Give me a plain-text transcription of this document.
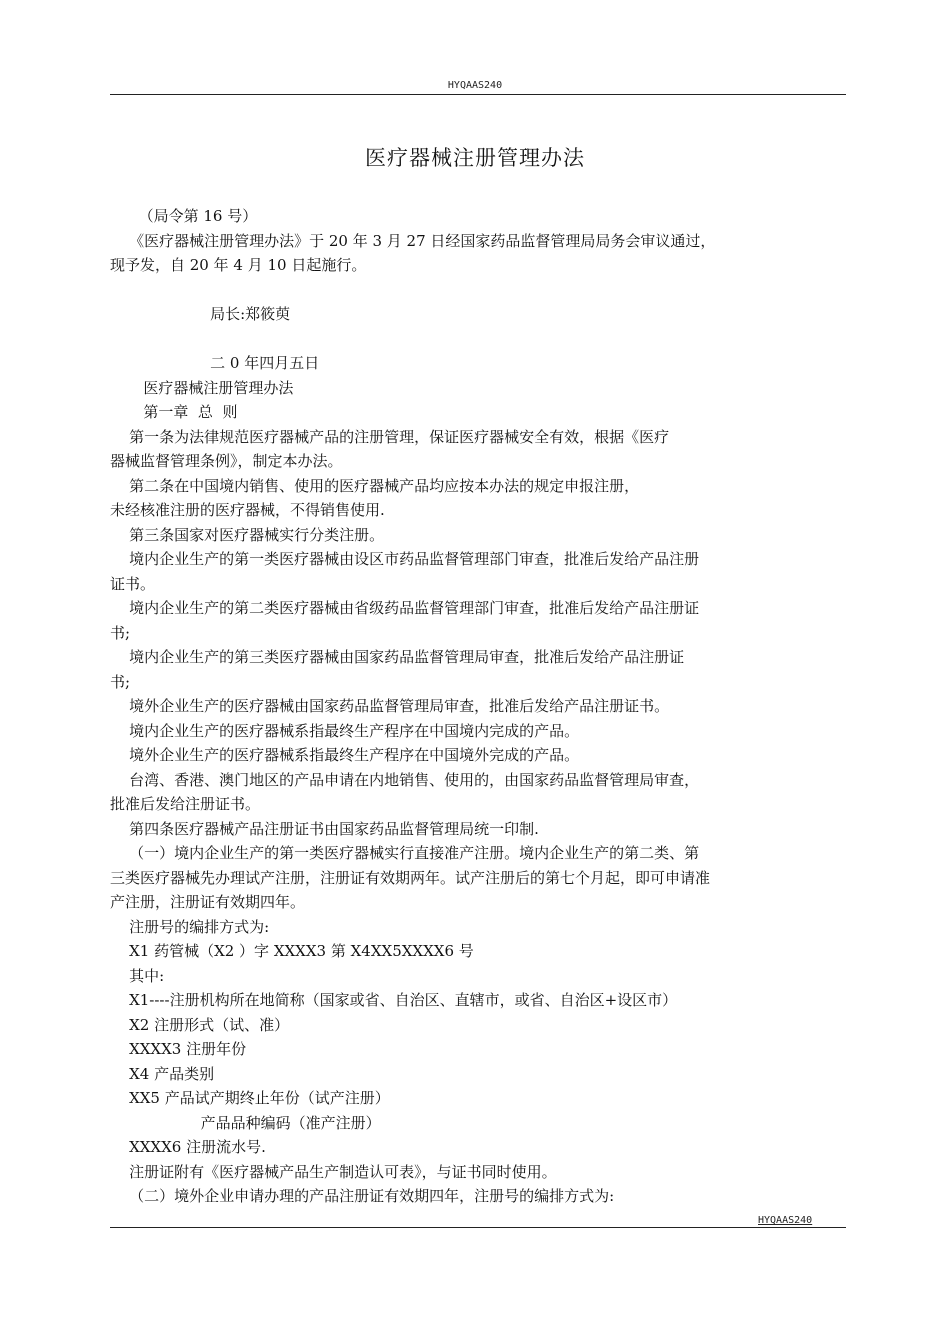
HYQAAS240
医疗器械注册管理办法
（局令第 16 号）
《医疗器械注册管理办法》于 20 年 3 月 27 日经国家药品监督管理局局务会审议通过，
现予发，自 20 年 4 月 10 日起施行。
局长:郑筱萸
二 0 年四月五日
医疗器械注册管理办法
第一章  总  则
第一条为法律规范医疗器械产品的注册管理，保证医疗器械安全有效，根据《医疗
器械监督管理条例》，制定本办法。
第二条在中国境内销售、使用的医疗器械产品均应按本办法的规定申报注册，
未经核准注册的医疗器械，不得销售使用.
第三条国家对医疗器械实行分类注册。
境内企业生产的第一类医疗器械由设区市药品监督管理部门审查，批准后发给产品注册
证书。
境内企业生产的第二类医疗器械由省级药品监督管理部门审查，批准后发给产品注册证
书;
境内企业生产的第三类医疗器械由国家药品监督管理局审查，批准后发给产品注册证
书;
境外企业生产的医疗器械由国家药品监督管理局审查，批准后发给产品注册证书。
境内企业生产的医疗器械系指最终生产程序在中国境内完成的产品。
境外企业生产的医疗器械系指最终生产程序在中国境外完成的产品。
台湾、香港、澳门地区的产品申请在内地销售、使用的，由国家药品监督管理局审查，
批准后发给注册证书。
第四条医疗器械产品注册证书由国家药品监督管理局统一印制.
（一）境内企业生产的第一类医疗器械实行直接准产注册。境内企业生产的第二类、第
三类医疗器械先办理试产注册，注册证有效期两年。试产注册后的第七个月起，即可申请准
产注册，注册证有效期四年。
注册号的编排方式为:
X1 药管械（X2 ）字 XXXX3 第 X4XX5XXXX6 号
其中:
X1----注册机构所在地简称（国家或省、自治区、直辖市，或省、自治区+设区市）
X2 注册形式（试、准）
XXXX3 注册年份
X4 产品类别
XX5 产品试产期终止年份（试产注册）
产品品种编码（准产注册）
XXXX6 注册流水号.
注册证附有《医疗器械产品生产制造认可表》，与证书同时使用。
（二）境外企业申请办理的产品注册证有效期四年，注册号的编排方式为:
HYQAAS240
